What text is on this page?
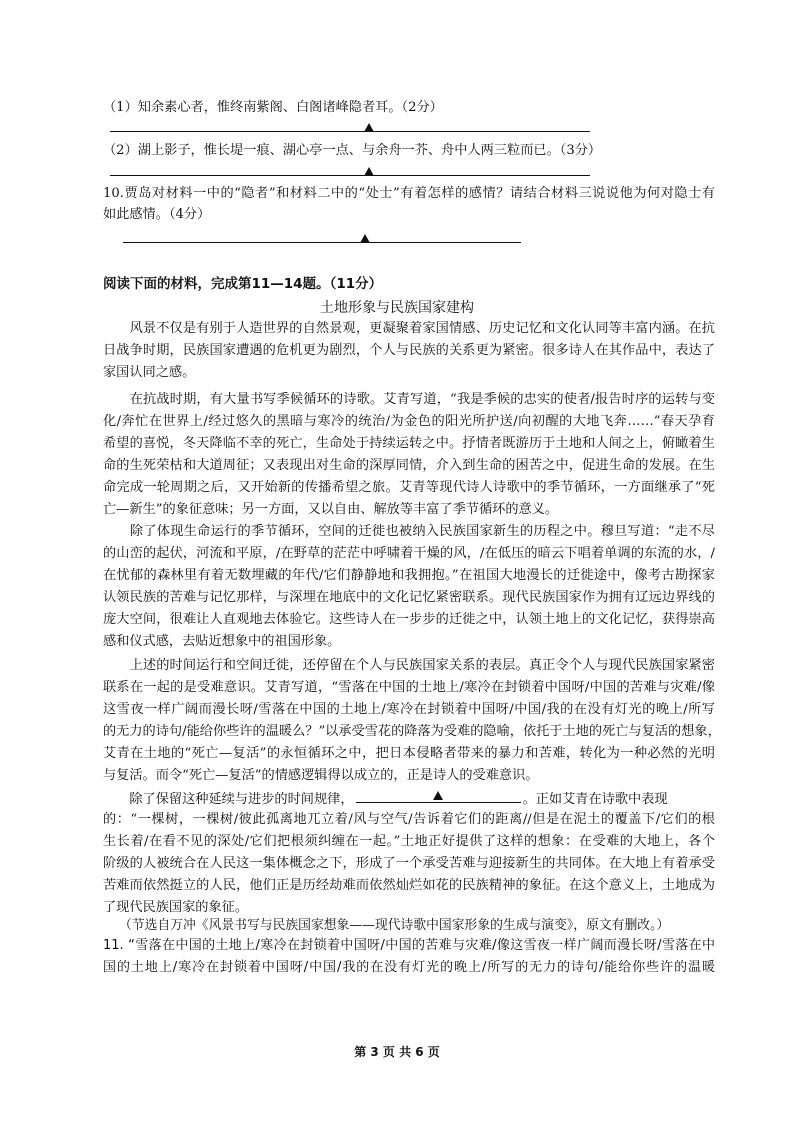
（1）知余素心者，惟终南紫阁、白阁诸峰隐者耳。（2分）
（2）湖上影子，惟长堤一痕、湖心亭一点、与余舟一芥、舟中人两三粒而已。（3分）
10.贾岛对材料一中的“隐者”和材料二中的“处士”有着怎样的感情？请结合材料三说说他为何对隐士有
如此感情。（4分）
阅读下面的材料，完成第11—14题。（11分）
土地形象与民族国家建构
　　风景不仅是有别于人造世界的自然景观，更凝聚着家国情感、历史记忆和文化认同等丰富内涵。在抗
日战争时期，民族国家遭遇的危机更为剧烈，个人与民族的关系更为紧密。很多诗人在其作品中，表达了
家国认同之感。
　　在抗战时期，有大量书写季候循环的诗歌。艾青写道，“我是季候的忠实的使者/报告时序的运转与变
化/奔忙在世界上/经过悠久的黑暗与寒冷的统治/为金色的阳光所护送/向初醒的大地飞奔……”春天孕育
希望的喜悦，冬天降临不幸的死亡，生命处于持续运转之中。抒情者既游历于土地和人间之上，俯瞰着生
命的生死荣枯和大道周征；又表现出对生命的深厚同情，介入到生命的困苦之中，促进生命的发展。在生
命完成一轮周期之后，又开始新的传播希望之旅。艾青等现代诗人诗歌中的季节循环，一方面继承了“死
亡—新生”的象征意味；另一方面，又以自由、解放等丰富了季节循环的意义。
　　除了体现生命运行的季节循环，空间的迁徙也被纳入民族国家新生的历程之中。穆旦写道：“走不尽
的山峦的起伏，河流和平原，/在野草的茫茫中呼啸着干燥的风，/在低压的暗云下唱着单调的东流的水，/
在忧郁的森林里有着无数埋藏的年代/它们静静地和我拥抱。”在祖国大地漫长的迁徙途中，像考古勘探家
认领民族的苦难与记忆那样，与深埋在地底中的文化记忆紧密联系。现代民族国家作为拥有辽远边界线的
庞大空间，很难让人直观地去体验它。这些诗人在一步步的迁徙之中，认领土地上的文化记忆，获得崇高
感和仪式感，去贴近想象中的祖国形象。
　　上述的时间运行和空间迁徙，还停留在个人与民族国家关系的表层。真正令个人与现代民族国家紧密
联系在一起的是受难意识。艾青写道，“雪落在中国的土地上/寒冷在封锁着中国呀/中国的苦难与灾难/像
这雪夜一样广阔而漫长呀/雪落在中国的土地上/寒冷在封锁着中国呀/中国/我的在没有灯光的晚上/所写
的无力的诗句/能给你些许的温暖么？”以承受雪花的降落为受难的隐喻，依托于土地的死亡与复活的想象，
艾青在土地的“死亡—复活”的永恒循环之中，把日本侵略者带来的暴力和苦难，转化为一种必然的光明
与复活。而令“死亡—复活”的情感逻辑得以成立的，正是诗人的受难意识。
　　除了保留这种延续与进步的时间规律，	。正如艾青在诗歌中表现
的：“一棵树，一棵树/彼此孤离地兀立着/风与空气/告诉着它们的距离//但是在泥土的覆盖下/它们的根
生长着/在看不见的深处/它们把根须纠缠在一起。”土地正好提供了这样的想象：在受难的大地上，各个
阶级的人被统合在人民这一集体概念之下，形成了一个承受苦难与迎接新生的共同体。在大地上有着承受
苦难而依然挺立的人民，他们正是历经劫难而依然灿烂如花的民族精神的象征。在这个意义上，土地成为
了现代民族国家的象征。
（节选自万冲《风景书写与民族国家想象——现代诗歌中国家形象的生成与演变》，原文有删改。）
11. “雪落在中国的土地上/寒冷在封锁着中国呀/中国的苦难与灾难/像这雪夜一样广阔而漫长呀/雪落在中
国的土地上/寒冷在封锁着中国呀/中国/我的在没有灯光的晚上/所写的无力的诗句/能给你些许的温暖
第 3 页 共 6 页
